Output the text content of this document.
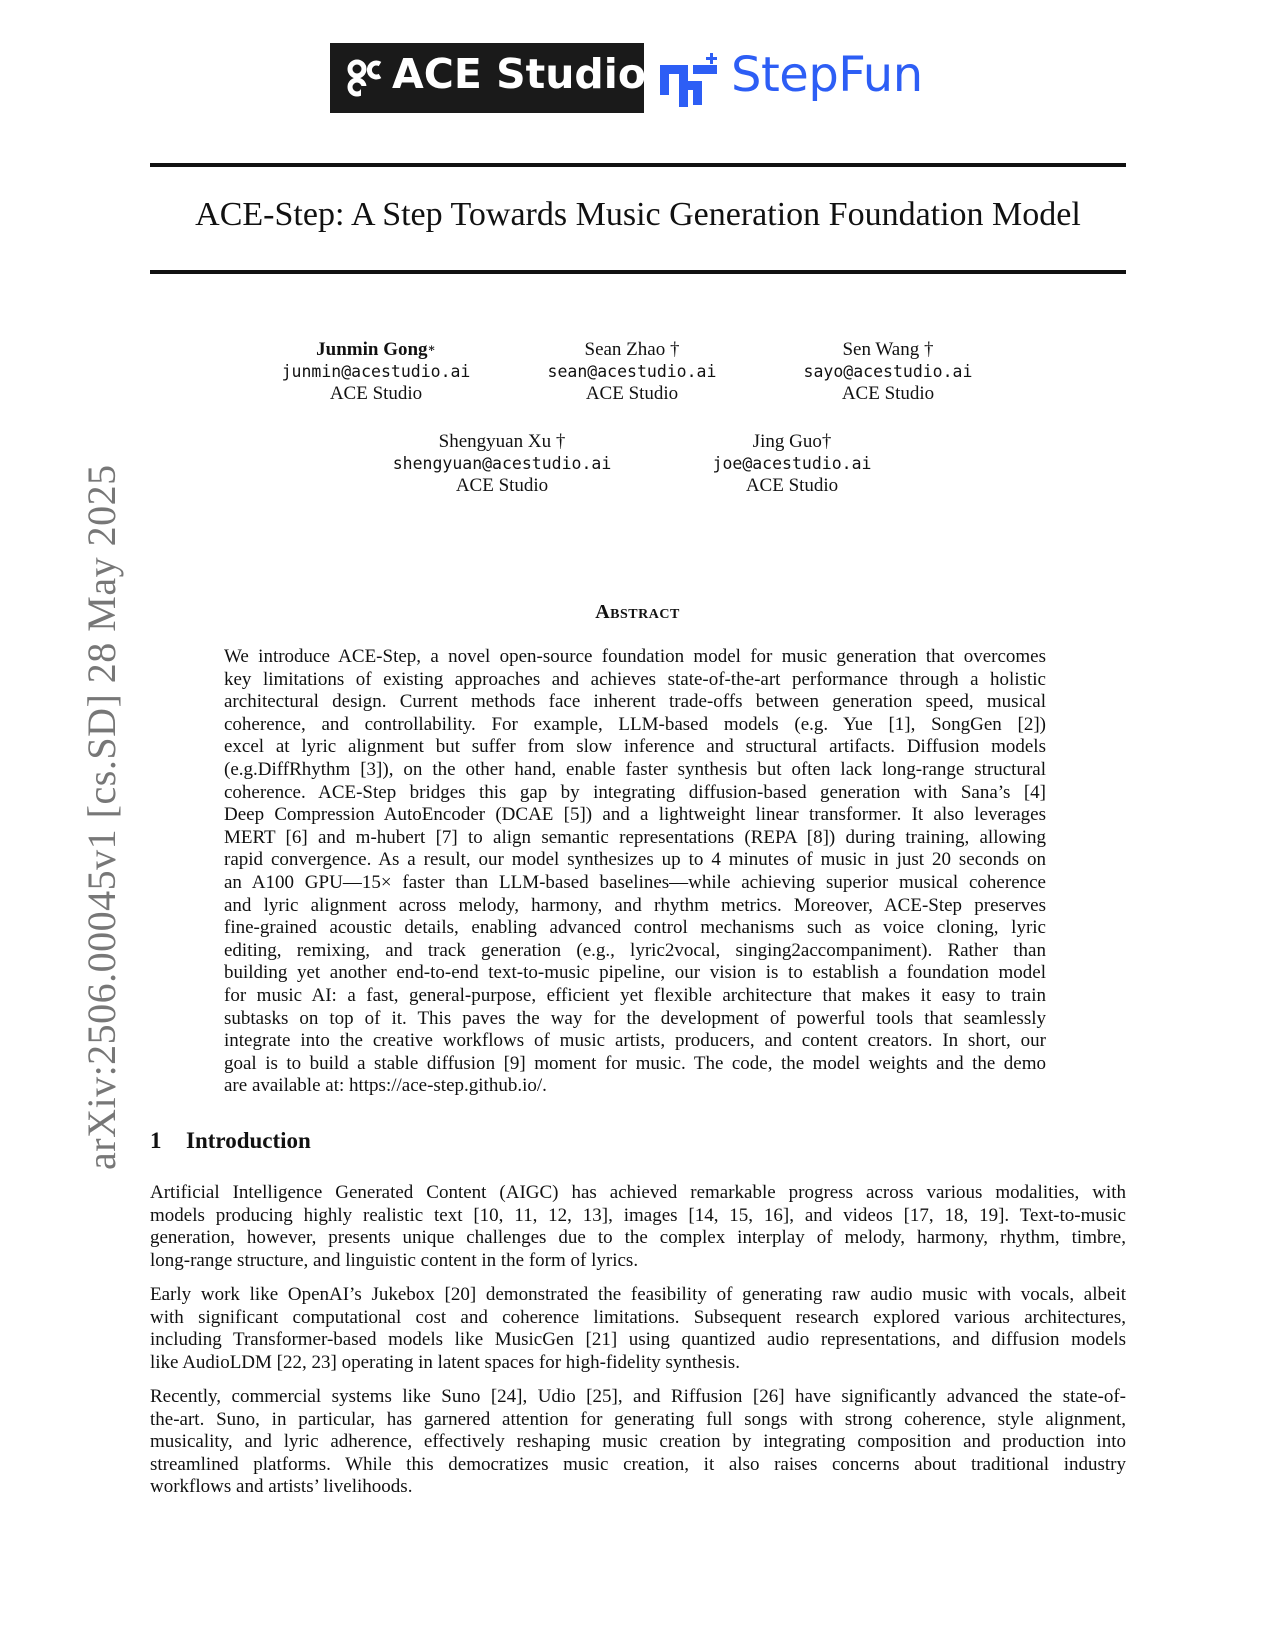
ACE Studio StepFun
ACE-Step: A Step Towards Music Generation Foundation Model
arXiv:2506.00045v1 [cs.SD] 28 May 2025
Junmin Gong∗
junmin@acestudio.ai
ACE Studio
Sean Zhao †
sean@acestudio.ai
ACE Studio
Sen Wang †
sayo@acestudio.ai
ACE Studio
Shengyuan Xu †
shengyuan@acestudio.ai
ACE Studio
Jing Guo†
joe@acestudio.ai
ACE Studio
Abstract
We introduce ACE-Step, a novel open-source foundation model for music generation that overcomes
key limitations of existing approaches and achieves state-of-the-art performance through a holistic
architectural design. Current methods face inherent trade-offs between generation speed, musical
coherence, and controllability. For example, LLM-based models (e.g. Yue [1], SongGen [2])
excel at lyric alignment but suffer from slow inference and structural artifacts. Diffusion models
(e.g.DiffRhythm [3]), on the other hand, enable faster synthesis but often lack long-range structural
coherence. ACE-Step bridges this gap by integrating diffusion-based generation with Sana’s [4]
Deep Compression AutoEncoder (DCAE [5]) and a lightweight linear transformer. It also leverages
MERT [6] and m-hubert [7] to align semantic representations (REPA [8]) during training, allowing
rapid convergence. As a result, our model synthesizes up to 4 minutes of music in just 20 seconds on
an A100 GPU—15× faster than LLM-based baselines—while achieving superior musical coherence
and lyric alignment across melody, harmony, and rhythm metrics. Moreover, ACE-Step preserves
fine-grained acoustic details, enabling advanced control mechanisms such as voice cloning, lyric
editing, remixing, and track generation (e.g., lyric2vocal, singing2accompaniment). Rather than
building yet another end-to-end text-to-music pipeline, our vision is to establish a foundation model
for music AI: a fast, general-purpose, efficient yet flexible architecture that makes it easy to train
subtasks on top of it. This paves the way for the development of powerful tools that seamlessly
integrate into the creative workflows of music artists, producers, and content creators. In short, our
goal is to build a stable diffusion [9] moment for music. The code, the model weights and the demo
are available at: https://ace-step.github.io/.
1 Introduction
Artificial Intelligence Generated Content (AIGC) has achieved remarkable progress across various modalities, with
models producing highly realistic text [10, 11, 12, 13], images [14, 15, 16], and videos [17, 18, 19]. Text-to-music
generation, however, presents unique challenges due to the complex interplay of melody, harmony, rhythm, timbre,
long-range structure, and linguistic content in the form of lyrics.
Early work like OpenAI’s Jukebox [20] demonstrated the feasibility of generating raw audio music with vocals, albeit
with significant computational cost and coherence limitations. Subsequent research explored various architectures,
including Transformer-based models like MusicGen [21] using quantized audio representations, and diffusion models
like AudioLDM [22, 23] operating in latent spaces for high-fidelity synthesis.
Recently, commercial systems like Suno [24], Udio [25], and Riffusion [26] have significantly advanced the state-of-
the-art. Suno, in particular, has garnered attention for generating full songs with strong coherence, style alignment,
musicality, and lyric adherence, effectively reshaping music creation by integrating composition and production into
streamlined platforms. While this democratizes music creation, it also raises concerns about traditional industry
workflows and artists’ livelihoods.
